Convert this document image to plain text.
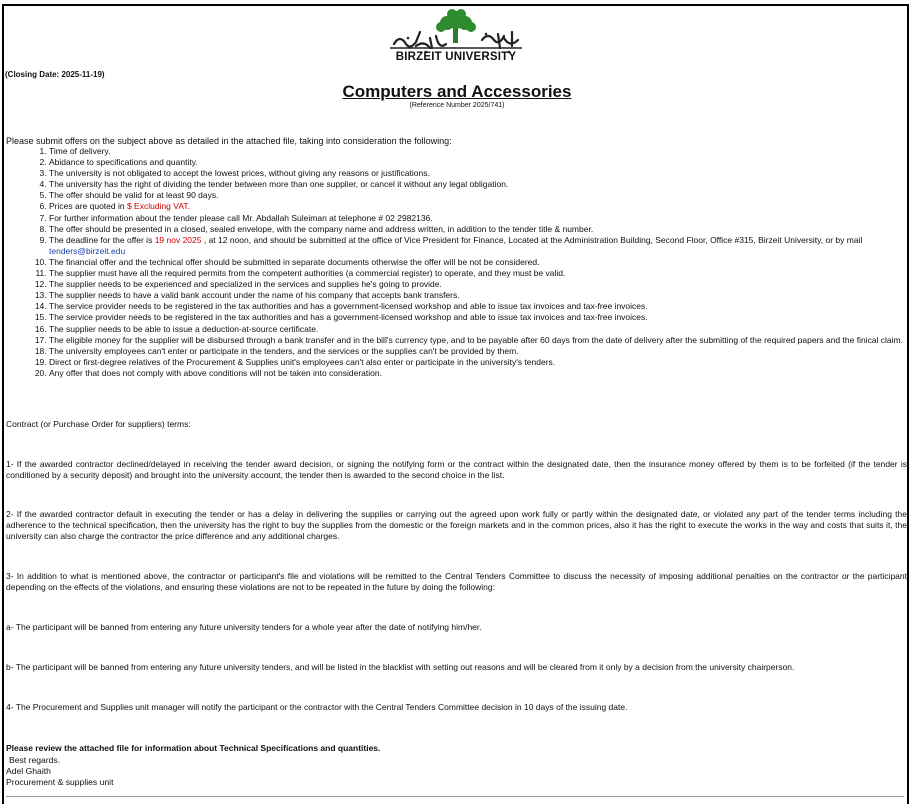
BIRZEIT UNIVERSITY
(Closing Date: 2025-11-19)
Computers and Accessories
(Reference Number 2025/741)
Please submit offers on the subject above as detailed in the attached file, taking into consideration the following:
1. Time of delivery.
2. Abidance to specifications and quantity.
3. The university is not obligated to accept the lowest prices, without giving any reasons or justifications.
4. The university has the right of dividing the tender between more than one supplier, or cancel it without any legal obligation.
5. The offer should be valid for at least 90 days.
6. Prices are quoted in $ Excluding VAT.
7. For further information about the tender please call Mr. Abdallah Suleiman at telephone # 02 2982136.
8. The offer should be presented in a closed, sealed envelope, with the company name and address written, in addition to the tender title & number.
9. The deadline for the offer is 19 nov 2025 , at 12 noon, and should be submitted at the office of Vice President for Finance, Located at the Administration Building, Second Floor, Office #315, Birzeit University, or by mail tenders@birzeit.edu
10. The financial offer and the technical offer should be submitted in separate documents otherwise the offer will be not be considered.
11. The supplier must have all the required permits from the competent authorities (a commercial register) to operate, and they must be valid.
12. The supplier needs to be experienced and specialized in the services and supplies he's going to provide.
13. The supplier needs to have a valid bank account under the name of his company that accepts bank transfers.
14. The service provider needs to be registered in the tax authorities and has a government-licensed workshop and able to issue tax invoices and tax-free invoices.
15. The service provider needs to be registered in the tax authorities and has a government-licensed workshop and able to issue tax invoices and tax-free invoices.
16. The supplier needs to be able to issue a deduction-at-source certificate.
17. The eligible money for the supplier will be disbursed through a bank transfer and in the bill's currency type, and to be payable after 60 days from the date of delivery after the submitting of the required papers and the finical claim.
18. The university employees can't enter or participate in the tenders, and the services or the supplies can't be provided by them.
19. Direct or first-degree relatives of the Procurement & Supplies unit's employees can't also enter or participate in the university's tenders.
20. Any offer that does not comply with above conditions will not be taken into consideration.

Contract (or Purchase Order for suppliers) terms:

1- If the awarded contractor declined/delayed in receiving the tender award decision, or signing the notifying form or the contract within the designated date, then the insurance money offered by them is to be forfeited (if the tender is conditioned by a security deposit) and brought into the university account, the tender then is awarded to the second choice in the list.

2- If the awarded contractor default in executing the tender or has a delay in delivering the supplies or carrying out the agreed upon work fully or partly within the designated date, or violated any part of the tender terms including the adherence to the technical specification, then the university has the right to buy the supplies from the domestic or the foreign markets and in the common prices, also it has the right to execute the works in the way and costs that suits it, the university can also charge the contractor the price difference and any additional charges.

3- In addition to what is mentioned above, the contractor or participant's file and violations will be remitted to the Central Tenders Committee to discuss the necessity of imposing additional penalties on the contractor or the participant depending on the effects of the violations, and ensuring these violations are not to be repeated in the future by doing the following:

a- The participant will be banned from entering any future university tenders for a whole year after the date of notifying him/her.

b- The participant will be banned from entering any future university tenders, and will be listed in the blacklist with setting out reasons and will be cleared from it only by a decision from the university chairperson.

4- The Procurement and Supplies unit manager will notify the participant or the contractor with the Central Tenders Committee decision in 10 days of the issuing date.

Please review the attached file for information about Technical Specifications and quantities.

Best regards.
Adel Ghaith
Procurement & supplies unit
